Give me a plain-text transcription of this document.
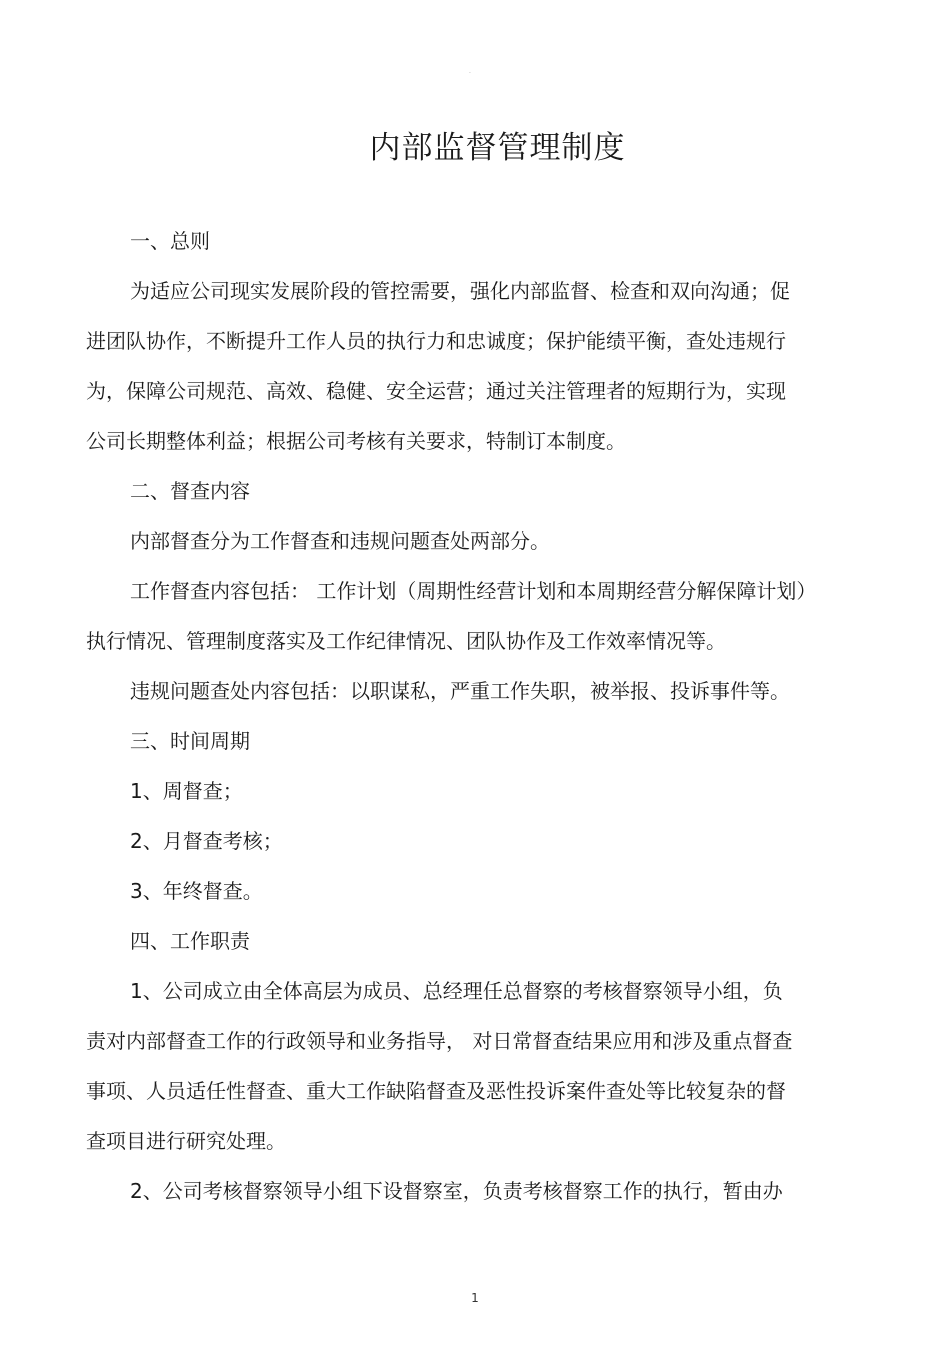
·
内部监督管理制度
一、总则
为适应公司现实发展阶段的管控需要，强化内部监督、检查和双向沟通；促
进团队协作，不断提升工作人员的执行力和忠诚度；保护能绩平衡，查处违规行
为，保障公司规范、高效、稳健、安全运营；通过关注管理者的短期行为，实现
公司长期整体利益；根据公司考核有关要求，特制订本制度。
二、督查内容
内部督查分为工作督查和违规问题查处两部分。
工作督查内容包括： 工作计划（周期性经营计划和本周期经营分解保障计划）
执行情况、管理制度落实及工作纪律情况、团队协作及工作效率情况等。
违规问题查处内容包括：以职谋私，严重工作失职，被举报、投诉事件等。
三、时间周期
1、周督查；
2、月督查考核；
3、年终督查。
四、工作职责
1、公司成立由全体高层为成员、总经理任总督察的考核督察领导小组，负
责对内部督查工作的行政领导和业务指导， 对日常督查结果应用和涉及重点督查
事项、人员适任性督查、重大工作缺陷督查及恶性投诉案件查处等比较复杂的督
查项目进行研究处理。
2、公司考核督察领导小组下设督察室，负责考核督察工作的执行，暂由办
1
